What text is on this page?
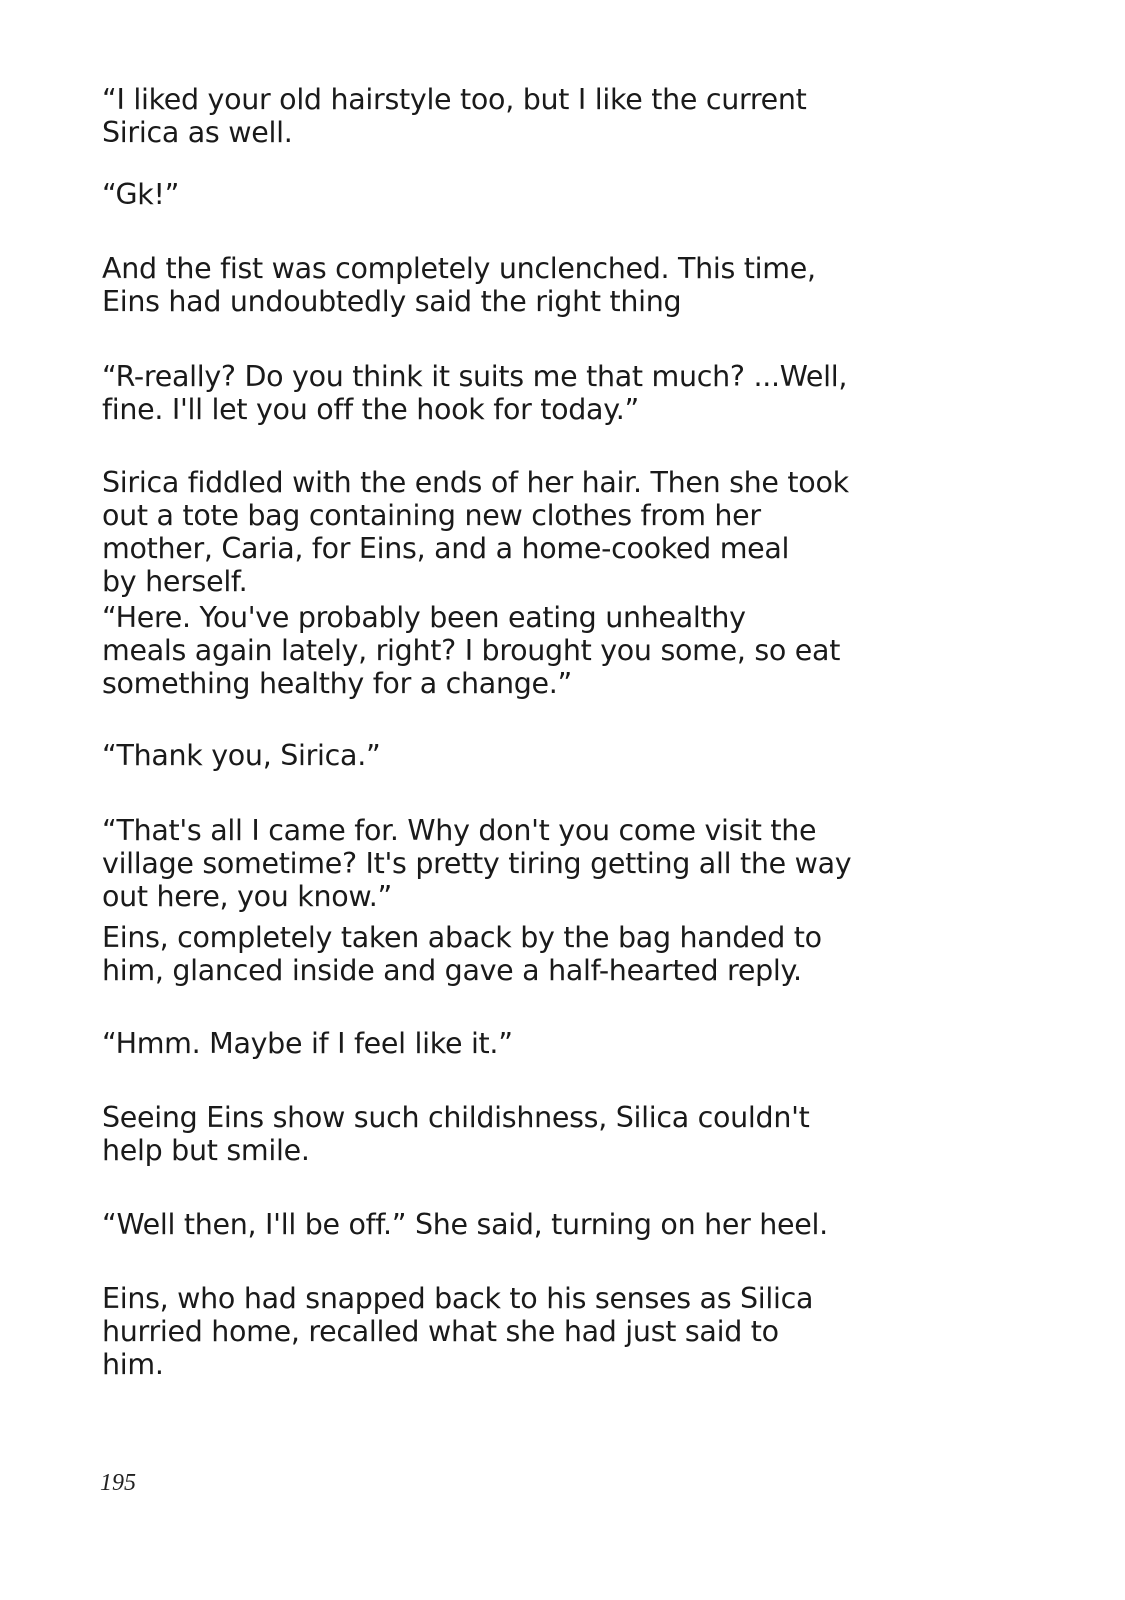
“I liked your old hairstyle too, but I like the current
Sirica as well.

“Gk!”

And the fist was completely unclenched. This time,
Eins had undoubtedly said the right thing

“R-really? Do you think it suits me that much? ...Well,
fine. I'll let you off the hook for today.”

Sirica fiddled with the ends of her hair. Then she took
out a tote bag containing new clothes from her
mother, Caria, for Eins, and a home-cooked meal
by herself.

“Here. You've probably been eating unhealthy
meals again lately, right? I brought you some, so eat
something healthy for a change.”

“Thank you, Sirica.”

“That's all I came for. Why don't you come visit the
village sometime? It's pretty tiring getting all the way
out here, you know.”

Eins, completely taken aback by the bag handed to
him, glanced inside and gave a half-hearted reply.

“Hmm. Maybe if I feel like it.”

Seeing Eins show such childishness, Silica couldn't
help but smile.

“Well then, I'll be off.” She said, turning on her heel.

Eins, who had snapped back to his senses as Silica
hurried home, recalled what she had just said to
him.

195
